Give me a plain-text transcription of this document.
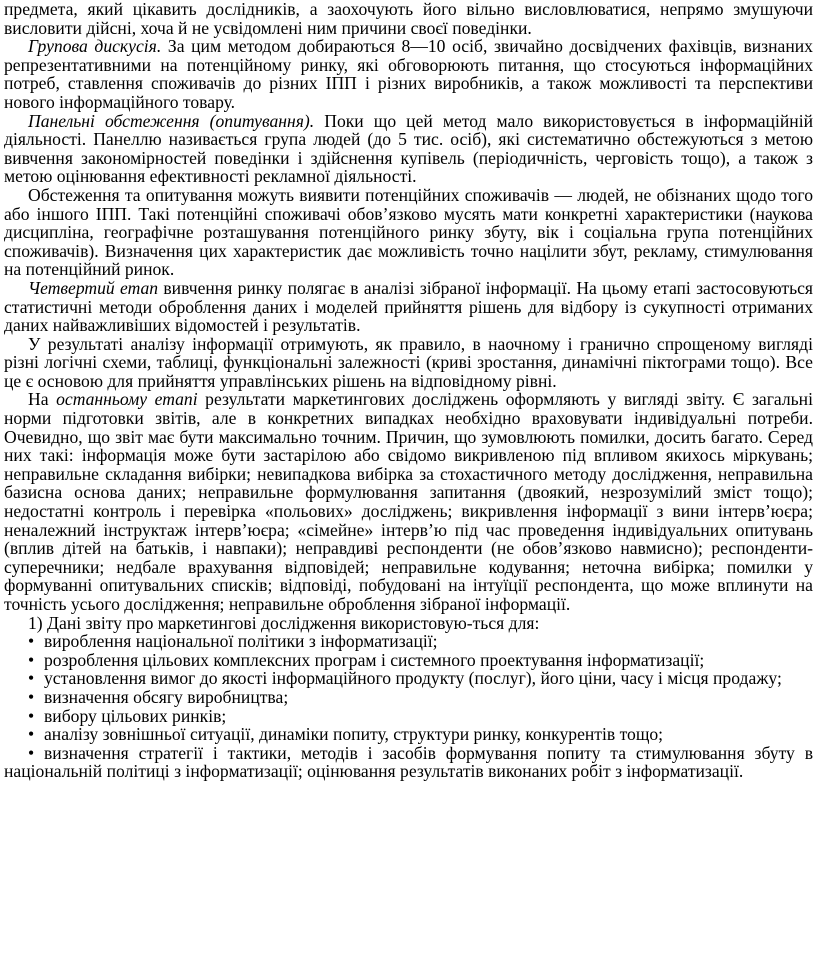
предмета, який цікавить дослідників, а заохочують його вільно висловлюватися, непрямо змушуючи висловити дійсні, хоча й не усвідомлені ним причини своєї поведінки.

Групова дискусія. За цим методом добираються 8—10 осіб, звичайно досвідчених фахівців, визнаних репрезентативними на потенційному ринку, які обговорюють питання, що стосуються інформаційних потреб, ставлення споживачів до різних ІПП і різних виробників, а також можливості та перспективи нового інформаційного товару.

Панельні обстеження (опитування). Поки що цей метод мало використовується в інформаційній діяльності. Панеллю називається група людей (до 5 тис. осіб), які систематично обстежуються з метою вивчення закономірностей поведінки і здійснення купівель (періодичність, черговість тощо), а також з метою оцінювання ефективності рекламної діяльності.

Обстеження та опитування можуть виявити потенційних споживачів — людей, не обізнаних щодо того або іншого ІПП. Такі потенційні споживачі обов’язково мусять мати конкретні характеристики (наукова дисципліна, географічне розташування потенційного ринку збуту, вік і соціальна група потенційних споживачів). Визначення цих характеристик дає можливість точно націлити збут, рекламу, стимулювання на потенційний ринок.

Четвертий етап вивчення ринку полягає в аналізі зібраної інформації. На цьому етапі застосовуються статистичні методи оброблення даних і моделей прийняття рішень для відбору із сукупності отриманих даних найважливіших відомостей і результатів.

У результаті аналізу інформації отримують, як правило, в наочному і гранично спрощеному вигляді різні логічні схеми, таблиці, функціональні залежності (криві зростання, динамічні піктограми тощо). Все це є основою для прийняття управлінських рішень на відповідному рівні.

На останньому етапі результати маркетингових досліджень оформляють у вигляді звіту. Є загальні норми підготовки звітів, але в конкретних випадках необхідно враховувати індивідуальні потреби. Очевидно, що звіт має бути максимально точним. Причин, що зумовлюють помилки, досить багато. Серед них такі: інформація може бути застарілою або свідомо викривленою під впливом якихось міркувань; неправильне складання вибірки; невипадкова вибірка за стохастичного методу дослідження, неправильна базисна основа даних; неправильне формулювання запитання (двоякий, незрозумілий зміст тощо); недостатні контроль і перевірка «польових» досліджень; викривлення інформації з вини інтерв’юєра; неналежний інструктаж інтерв’юєра; «сімейне» інтерв’ю під час проведення індивідуальних опитувань (вплив дітей на батьків, і навпаки); неправдиві респонденти (не обов’язково навмисно); респонденти-суперечники; недбале врахування відповідей; неправильне кодування; неточна вибірка; помилки у формуванні опитувальних списків; відповіді, побудовані на інтуїції респондента, що може вплинути на точність усього дослідження; неправильне оброблення зібраної інформації.

1) Дані звіту про маркетингові дослідження використовую-ться для:

• вироблення національної політики з інформатизації;
• розроблення цільових комплексних програм і системного проектування інформатизації;
• установлення вимог до якості інформаційного продукту (послуг), його ціни, часу і місця продажу;
• визначення обсягу виробництва;
• вибору цільових ринків;
• аналізу зовнішньої ситуації, динаміки попиту, структури ринку, конкурентів тощо;
• визначення стратегії і тактики, методів і засобів формування попиту та стимулювання збуту в національній політиці з інформатизації; оцінювання результатів виконаних робіт з інформатизації.
